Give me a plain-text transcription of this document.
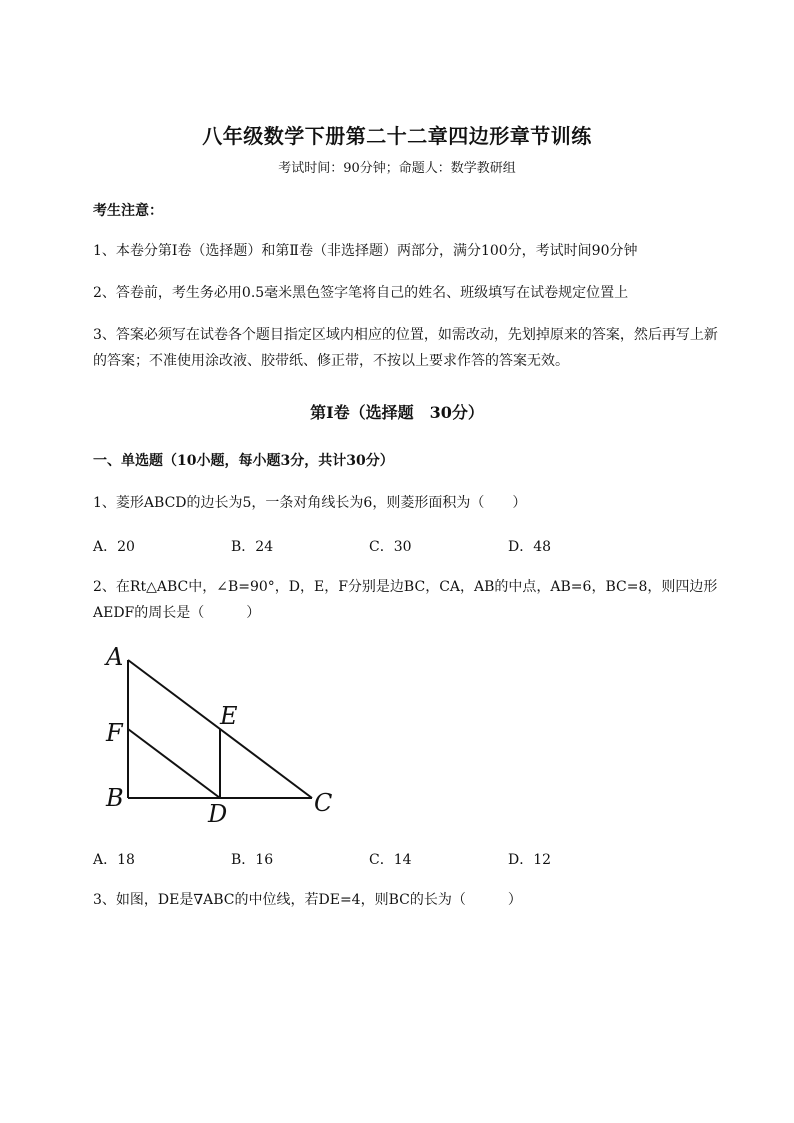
八年级数学下册第二十二章四边形章节训练
考试时间：90分钟；命题人：数学教研组
考生注意：
1、本卷分第Ⅰ卷（选择题）和第Ⅱ卷（非选择题）两部分，满分100分，考试时间90分钟
2、答卷前，考生务必用0.5毫米黑色签字笔将自己的姓名、班级填写在试卷规定位置上
3、答案必须写在试卷各个题目指定区域内相应的位置，如需改动，先划掉原来的答案，然后再写上新
的答案；不准使用涂改液、胶带纸、修正带，不按以上要求作答的答案无效。
第Ⅰ卷（选择题　30分）
一、单选题（10小题，每小题3分，共计30分）
1、菱形ABCD的边长为5，一条对角线长为6，则菱形面积为（　　）
A．20	B．24	C．30	D．48
2、在Rt△ABC中，∠B=90°，D，E，F分别是边BC，CA，AB的中点，AB=6，BC=8，则四边形
AEDF的周长是（　　　）
A
F
B
D
E
C
A．18	B．16	C．14	D．12
3、如图，DE是∇ABC的中位线，若DE=4，则BC的长为（　　　）
